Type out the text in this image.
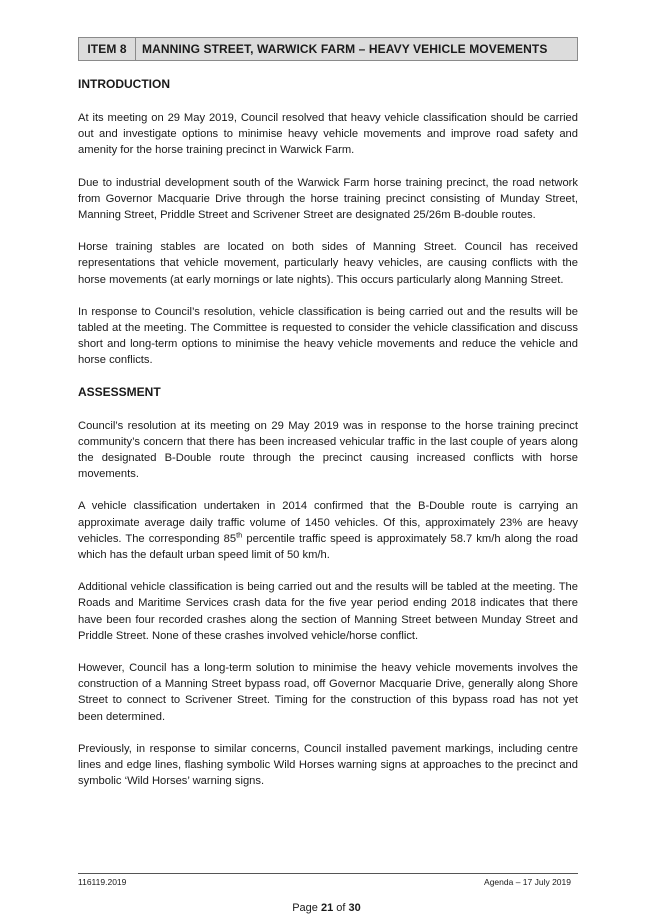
ITEM 8	MANNING STREET, WARWICK FARM – HEAVY VEHICLE MOVEMENTS
INTRODUCTION

At its meeting on 29 May 2019, Council resolved that heavy vehicle classification should be carried out and investigate options to minimise heavy vehicle movements and improve road safety and amenity for the horse training precinct in Warwick Farm.

Due to industrial development south of the Warwick Farm horse training precinct, the road network from Governor Macquarie Drive through the horse training precinct consisting of Munday Street, Manning Street, Priddle Street and Scrivener Street are designated 25/26m B-double routes.

Horse training stables are located on both sides of Manning Street. Council has received representations that vehicle movement, particularly heavy vehicles, are causing conflicts with the horse movements (at early mornings or late nights). This occurs particularly along Manning Street.

In response to Council’s resolution, vehicle classification is being carried out and the results will be tabled at the meeting. The Committee is requested to consider the vehicle classification and discuss short and long-term options to minimise the heavy vehicle movements and reduce the vehicle and horse conflicts.

ASSESSMENT

Council’s resolution at its meeting on 29 May 2019 was in response to the horse training precinct community’s concern that there has been increased vehicular traffic in the last couple of years along the designated B-Double route through the precinct causing increased conflicts with horse movements.

A vehicle classification undertaken in 2014 confirmed that the B-Double route is carrying an approximate average daily traffic volume of 1450 vehicles. Of this, approximately 23% are heavy vehicles. The corresponding 85th percentile traffic speed is approximately 58.7 km/h along the road which has the default urban speed limit of 50 km/h.

Additional vehicle classification is being carried out and the results will be tabled at the meeting. The Roads and Maritime Services crash data for the five year period ending 2018 indicates that there have been four recorded crashes along the section of Manning Street between Munday Street and Priddle Street. None of these crashes involved vehicle/horse conflict.

However, Council has a long-term solution to minimise the heavy vehicle movements involves the construction of a Manning Street bypass road, off Governor Macquarie Drive, generally along Shore Street to connect to Scrivener Street. Timing for the construction of this bypass road has not yet been determined.

Previously, in response to similar concerns, Council installed pavement markings, including centre lines and edge lines, flashing symbolic Wild Horses warning signs at approaches to the precinct and symbolic ‘Wild Horses’ warning signs.

116119.2019	Agenda – 17 July 2019
Page 21 of 30
